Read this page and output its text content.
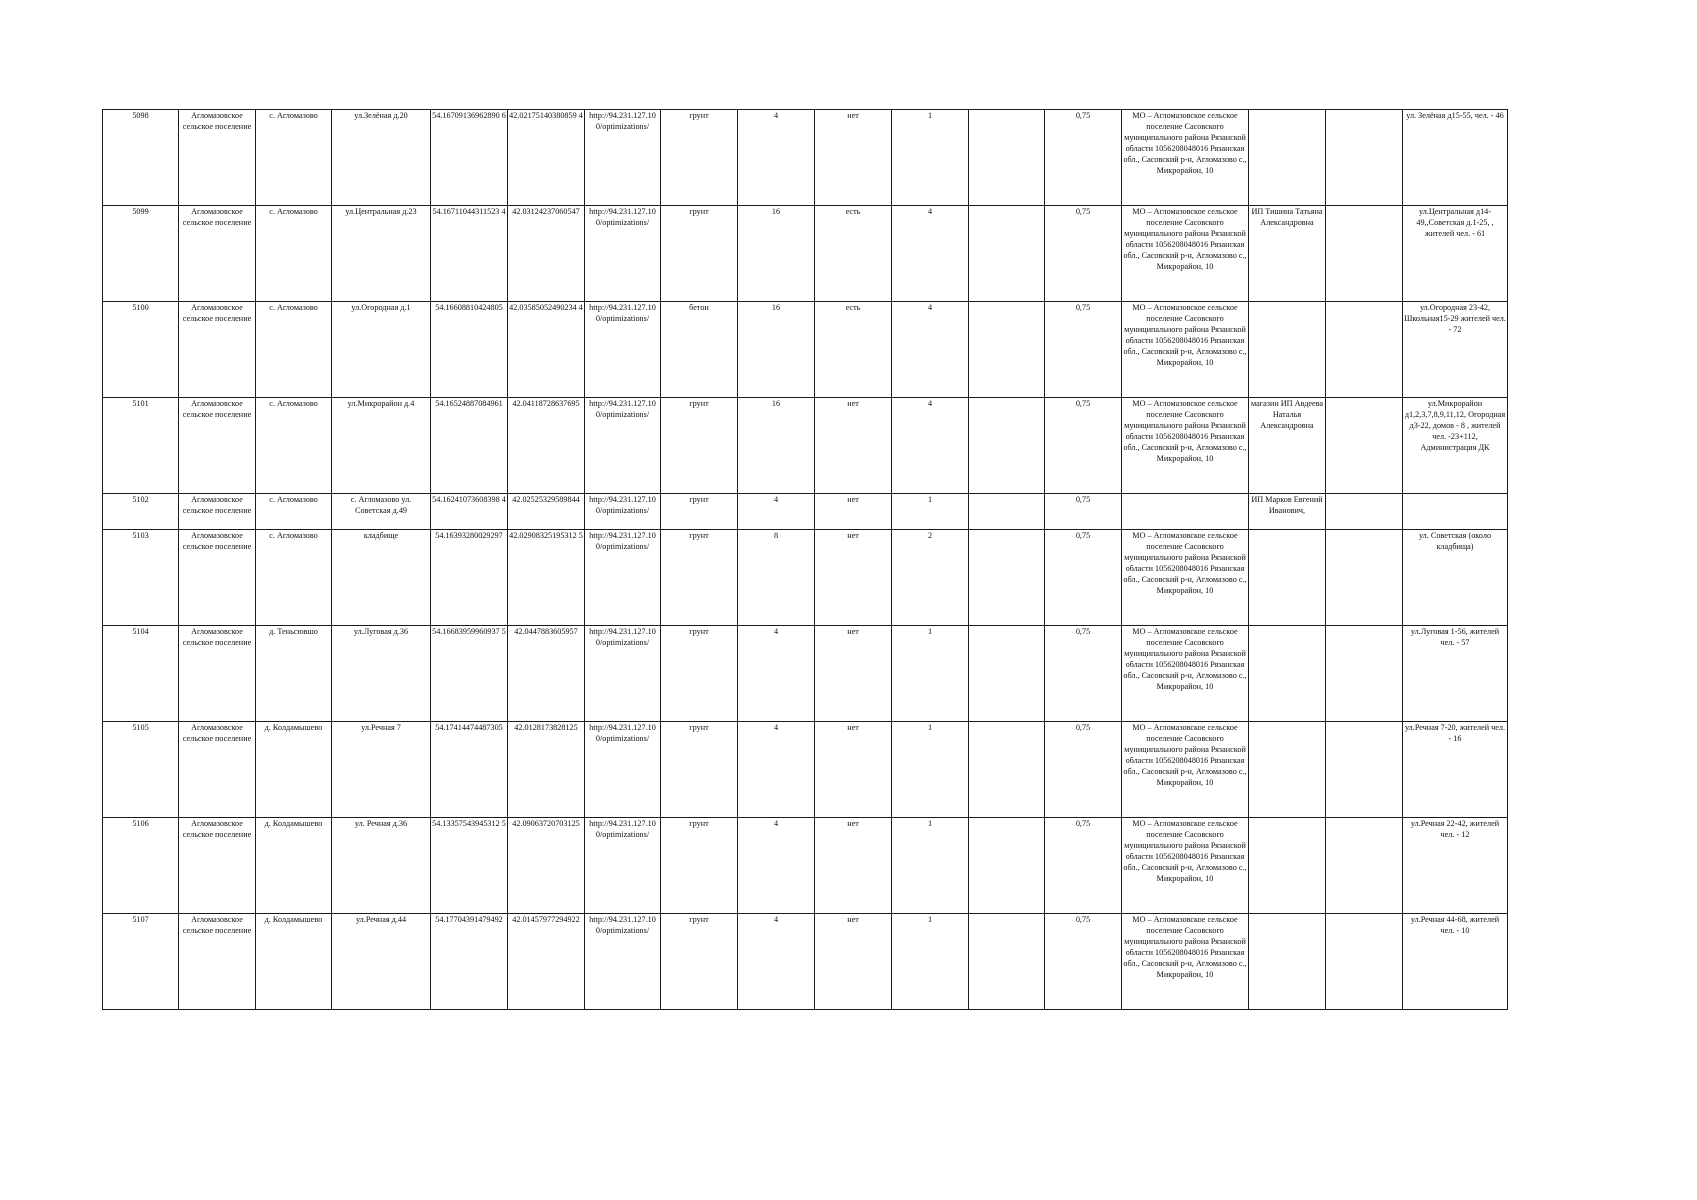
5098	Агломазовское сельское поселение	с. Агломазово	ул.Зелёная д.20	54.16709136962890 6	42.02175140380859 4	http://94.231.127.10 0/optimizations/	грунт	4	нет	1		0,75	МО – Агломазовское сельское поселение Сасовского муниципального района Рязанской области 1056208048016 Рязанская обл., Сасовский р-н, Агломазово с., Микрорайон, 10			ул. Зелёная д15-55, чел. - 46
5099	Агломазовское сельское поселение	с. Агломазово	ул.Центральная д.23	54.16711044311523 4	42.03124237060547	http://94.231.127.10 0/optimizations/	грунт	16	есть	4		0,75	МО – Агломазовское сельское поселение Сасовского муниципального района Рязанской области 1056208048016 Рязанская обл., Сасовский р-н, Агломазово с., Микрорайон, 10	ИП Тишина Татьяна Александровна		ул.Центральная д14-49,,Советская д.1-25, , жителей чел. - 61
5100	Агломазовское сельское поселение	с. Агломазово	ул.Огородная д.1	54.16608810424805	42.03585052490234 4	http://94.231.127.10 0/optimizations/	бетон	16	есть	4		0,75	МО – Агломазовское сельское поселение Сасовского муниципального района Рязанской области 1056208048016 Рязанская обл., Сасовский р-н, Агломазово с., Микрорайон, 10			ул.Огородная 23-42, Школьная15-29 жителей чел. - 72
5101	Агломазовское сельское поселение	с. Агломазово	ул.Микрорайон д.4	54.16524887084961	42.04118728637695	http://94.231.127.10 0/optimizations/	грунт	16	нет	4		0,75	МО – Агломазовское сельское поселение Сасовского муниципального района Рязанской области 1056208048016 Рязанская обл., Сасовский р-н, Агломазово с., Микрорайон, 10	магазин ИП Авдеева Наталья Александровна		ул.Микрорайон д1,2,3,7,8,9,11,12, Огородная д3-22, домов - 8 , жителей чел. -23+112, Администрация ДК
5102	Агломазовское сельское поселение	с. Агломазово	с. Агломазово ул. Советская д.49	54.16241073608398 4	42.02525329589844	http://94.231.127.10 0/optimizations/	грунт	4	нет	1		0,75		ИП Марков Евгений Иванович,		
5103	Агломазовское сельское поселение	с. Агломазово	кладбище	54.16393280029297	42.02908325195312 5	http://94.231.127.10 0/optimizations/	грунт	8	нет	2		0,75	МО – Агломазовское сельское поселение Сасовского муниципального района Рязанской области 1056208048016 Рязанская обл., Сасовский р-н, Агломазово с., Микрорайон, 10			ул. Советская (около кладбища)
5104	Агломазовское сельское поселение	д. Теньсювшо	ул.Луговая д.36	54.16683959960937 5	42.0447883605957	http://94.231.127.10 0/optimizations/	грунт	4	нет	1		0,75	МО – Агломазовское сельское поселение Сасовского муниципального района Рязанской области 1056208048016 Рязанская обл., Сасовский р-н, Агломазово с., Микрорайон, 10			ул.Луговая 1-56, жителей чел. - 57
5105	Агломазовское сельское поселение	д. Колдамышево	ул.Речная 7	54.17414474487305	42.0128173828125	http://94.231.127.10 0/optimizations/	грунт	4	нет	1		0,75	МО – Агломазовское сельское поселение Сасовского муниципального района Рязанской области 1056208048016 Рязанская обл., Сасовский р-н, Агломазово с., Микрорайон, 10			ул.Речная 7-20, жителей чел. - 16
5106	Агломазовское сельское поселение	д. Колдамышево	ул. Речная д.36	54.13357543945312 5	42.09063720703125	http://94.231.127.10 0/optimizations/	грунт	4	нет	1		0,75	МО – Агломазовское сельское поселение Сасовского муниципального района Рязанской области 1056208048016 Рязанская обл., Сасовский р-н, Агломазово с., Микрорайон, 10			ул.Речная 22-42, жителей чел. - 12
5107	Агломазовское сельское поселение	д. Колдамышево	ул.Речная д.44	54.17704391479492	42.01457977294922	http://94.231.127.10 0/optimizations/	грунт	4	нет	1		0,75	МО – Агломазовское сельское поселение Сасовского муниципального района Рязанской области 1056208048016 Рязанская обл., Сасовский р-н, Агломазово с., Микрорайон, 10			ул.Речная 44-68, жителей чел. - 10
